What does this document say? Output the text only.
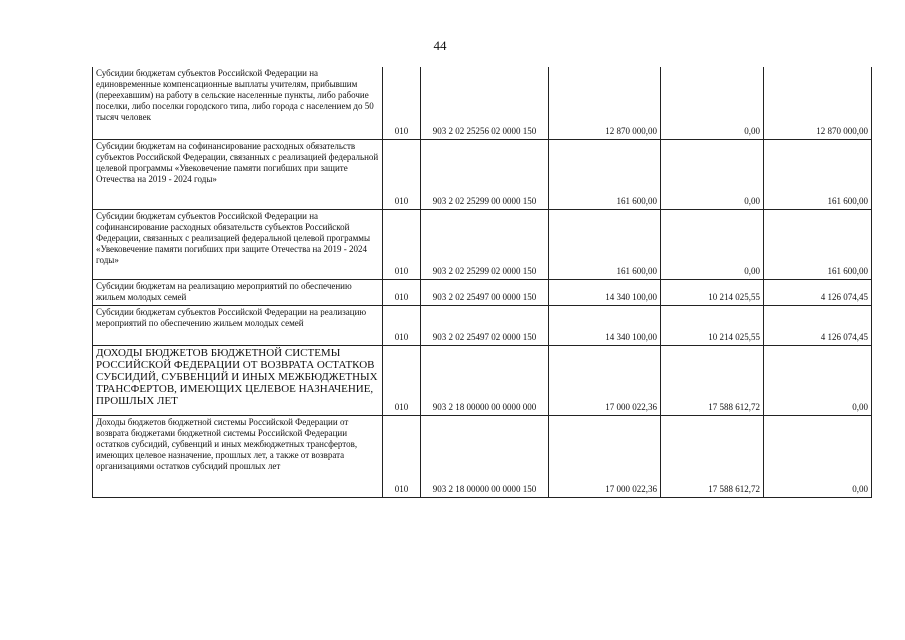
44
Субсидии бюджетам субъектов Российской Федерации на единовременные компенсационные выплаты учителям, прибывшим (переехавшим) на работу в сельские населенные пункты, либо рабочие поселки, либо поселки городского типа, либо города с населением до 50 тысяч человек	010	903 2 02 25256 02 0000 150	12 870 000,00	0,00	12 870 000,00
Субсидии бюджетам на софинансирование расходных обязательств субъектов Российской Федерации, связанных с реализацией федеральной целевой программы «Увековечение памяти погибших при защите Отечества на 2019 - 2024 годы»	010	903 2 02 25299 00 0000 150	161 600,00	0,00	161 600,00
Субсидии бюджетам субъектов Российской Федерации на софинансирование расходных обязательств субъектов Российской Федерации, связанных с реализацией федеральной целевой программы «Увековечение памяти погибших при защите Отечества на 2019 - 2024 годы»	010	903 2 02 25299 02 0000 150	161 600,00	0,00	161 600,00
Субсидии бюджетам на реализацию мероприятий по обеспечению жильем молодых семей	010	903 2 02 25497 00 0000 150	14 340 100,00	10 214 025,55	4 126 074,45
Субсидии бюджетам субъектов Российской Федерации на реализацию мероприятий по обеспечению жильем молодых семей	010	903 2 02 25497 02 0000 150	14 340 100,00	10 214 025,55	4 126 074,45
ДОХОДЫ БЮДЖЕТОВ БЮДЖЕТНОЙ СИСТЕМЫ РОССИЙСКОЙ ФЕДЕРАЦИИ ОТ ВОЗВРАТА ОСТАТКОВ СУБСИДИЙ, СУБВЕНЦИЙ И ИНЫХ МЕЖБЮДЖЕТНЫХ ТРАНСФЕРТОВ, ИМЕЮЩИХ ЦЕЛЕВОЕ НАЗНАЧЕНИЕ, ПРОШЛЫХ ЛЕТ	010	903 2 18 00000 00 0000 000	17 000 022,36	17 588 612,72	0,00
Доходы бюджетов бюджетной системы Российской Федерации от возврата бюджетами бюджетной системы Российской Федерации остатков субсидий, субвенций и иных межбюджетных трансфертов, имеющих целевое назначение, прошлых лет, а также от возврата организациями остатков субсидий прошлых лет	010	903 2 18 00000 00 0000 150	17 000 022,36	17 588 612,72	0,00
